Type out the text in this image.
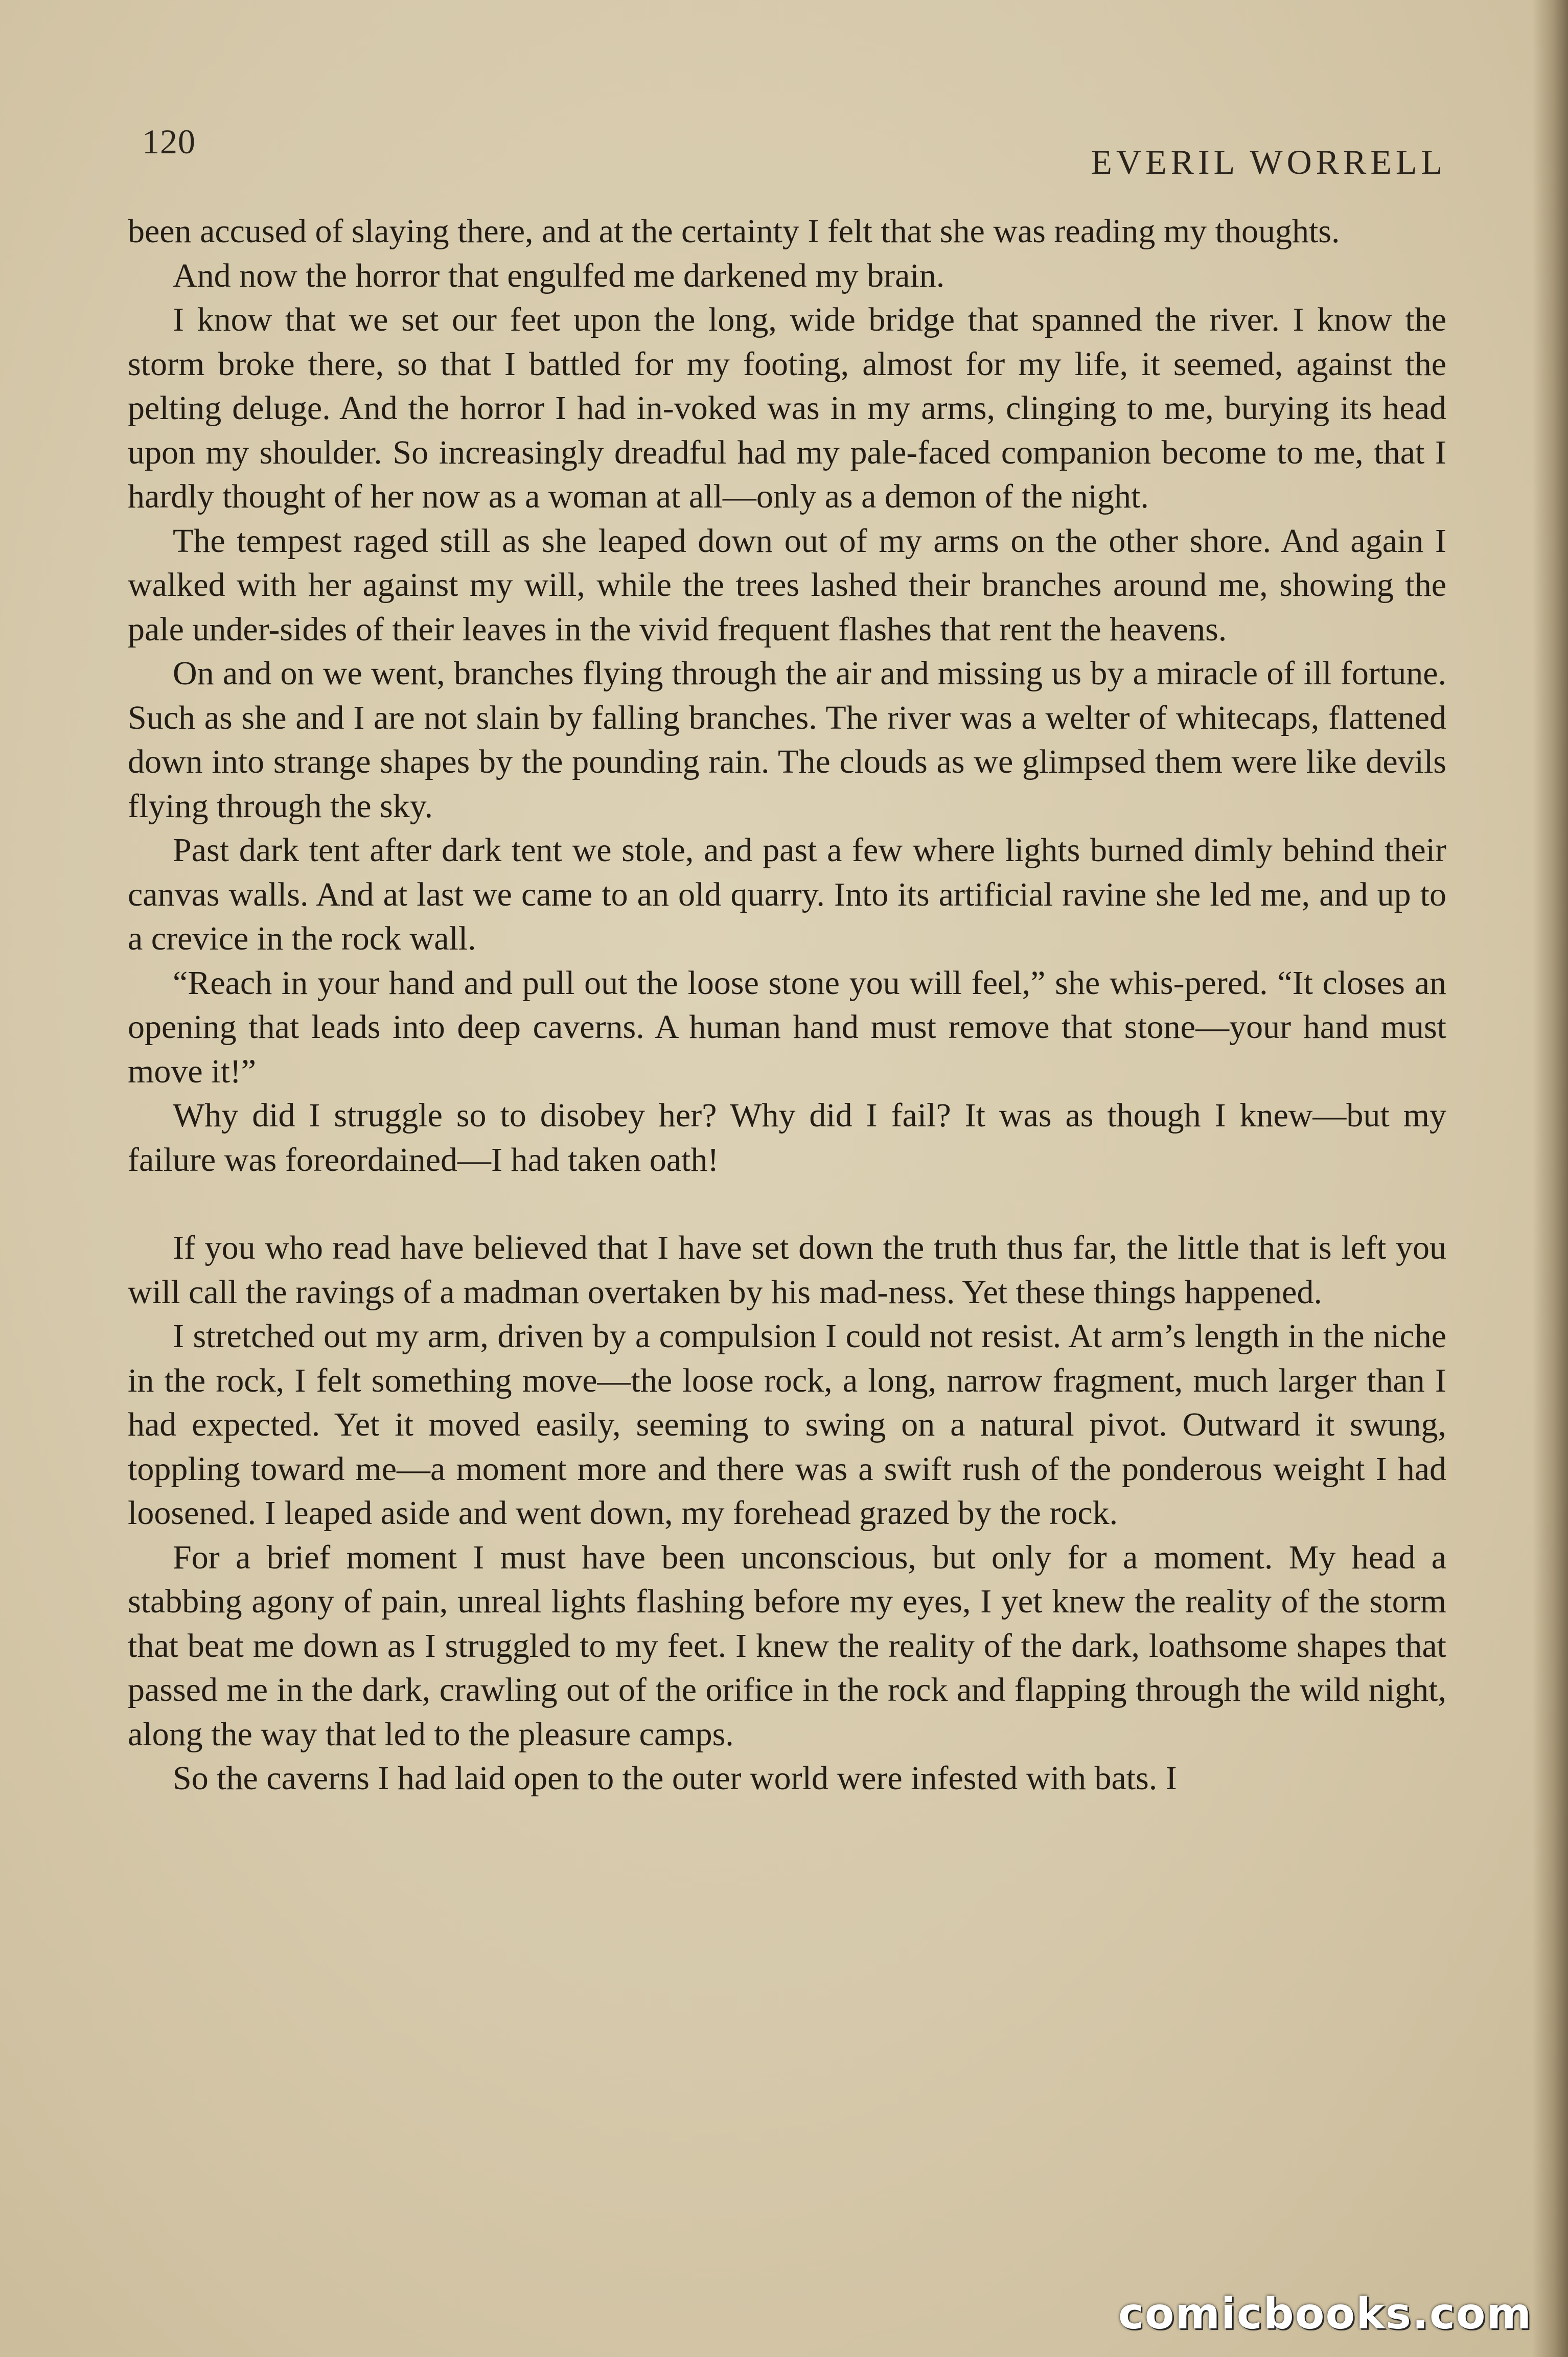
120
EVERIL WORRELL

been accused of slaying there, and at the certainty I felt that she was reading my thoughts.

And now the horror that engulfed me darkened my brain.

I know that we set our feet upon the long, wide bridge that spanned the river. I know the storm broke there, so that I battled for my footing, almost for my life, it seemed, against the pelting deluge. And the horror I had in-voked was in my arms, clinging to me, burying its head upon my shoulder. So increasingly dreadful had my pale-faced companion become to me, that I hardly thought of her now as a woman at all—only as a demon of the night.

The tempest raged still as she leaped down out of my arms on the other shore. And again I walked with her against my will, while the trees lashed their branches around me, showing the pale under-sides of their leaves in the vivid frequent flashes that rent the heavens.

On and on we went, branches flying through the air and missing us by a miracle of ill fortune. Such as she and I are not slain by falling branches. The river was a welter of whitecaps, flattened down into strange shapes by the pounding rain. The clouds as we glimpsed them were like devils flying through the sky.

Past dark tent after dark tent we stole, and past a few where lights burned dimly behind their canvas walls. And at last we came to an old quarry. Into its artificial ravine she led me, and up to a crevice in the rock wall.

“Reach in your hand and pull out the loose stone you will feel,” she whis-pered. “It closes an opening that leads into deep caverns. A human hand must remove that stone—your hand must move it!”

Why did I struggle so to disobey her? Why did I fail? It was as though I knew—but my failure was foreordained—I had taken oath!

If you who read have believed that I have set down the truth thus far, the little that is left you will call the ravings of a madman overtaken by his mad-ness. Yet these things happened.

I stretched out my arm, driven by a compulsion I could not resist. At arm’s length in the niche in the rock, I felt something move—the loose rock, a long, narrow fragment, much larger than I had expected. Yet it moved easily, seeming to swing on a natural pivot. Outward it swung, toppling toward me—a moment more and there was a swift rush of the ponderous weight I had loosened. I leaped aside and went down, my forehead grazed by the rock.

For a brief moment I must have been unconscious, but only for a moment. My head a stabbing agony of pain, unreal lights flashing before my eyes, I yet knew the reality of the storm that beat me down as I struggled to my feet. I knew the reality of the dark, loathsome shapes that passed me in the dark, crawling out of the orifice in the rock and flapping through the wild night, along the way that led to the pleasure camps.

So the caverns I had laid open to the outer world were infested with bats. I

comicbooks.com
